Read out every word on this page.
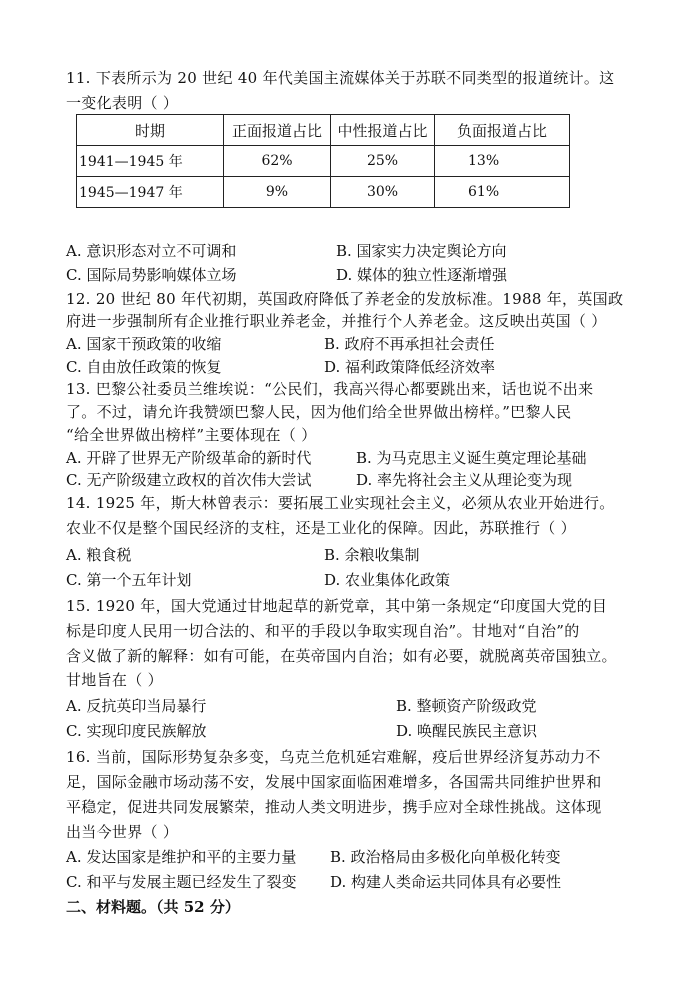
11. 下表所示为 20 世纪 40 年代美国主流媒体关于苏联不同类型的报道统计。这
一变化表明（ ）
时期	正面报道占比	中性报道占比	负面报道占比
1941—1945 年	62%	25%	13%
1945—1947 年	9%	30%	61%
A. 意识形态对立不可调和	B. 国家实力决定舆论方向
C. 国际局势影响媒体立场	D. 媒体的独立性逐渐增强
12. 20 世纪 80 年代初期，英国政府降低了养老金的发放标准。1988 年，英国政
府进一步强制所有企业推行职业养老金，并推行个人养老金。这反映出英国（ ）
A. 国家干预政策的收缩	B. 政府不再承担社会责任
C. 自由放任政策的恢复	D. 福利政策降低经济效率
13. 巴黎公社委员兰维埃说：“公民们，我高兴得心都要跳出来，话也说不出来
了。不过，请允许我赞颂巴黎人民，因为他们给全世界做出榜样。”巴黎人民
“给全世界做出榜样”主要体现在（ ）
A. 开辟了世界无产阶级革命的新时代	B. 为马克思主义诞生奠定理论基础
C. 无产阶级建立政权的首次伟大尝试	D. 率先将社会主义从理论变为现
14. 1925 年，斯大林曾表示：要拓展工业实现社会主义，必须从农业开始进行。
农业不仅是整个国民经济的支柱，还是工业化的保障。因此，苏联推行（ ）
A. 粮食税	B. 余粮收集制
C. 第一个五年计划	D. 农业集体化政策
15. 1920 年，国大党通过甘地起草的新党章，其中第一条规定“印度国大党的目
标是印度人民用一切合法的、和平的手段以争取实现自治”。甘地对“自治”的
含义做了新的解释：如有可能，在英帝国内自治；如有必要，就脱离英帝国独立。
甘地旨在（ ）
A. 反抗英印当局暴行	B. 整顿资产阶级政党
C. 实现印度民族解放	D. 唤醒民族民主意识
16. 当前，国际形势复杂多变，乌克兰危机延宕难解，疫后世界经济复苏动力不
足，国际金融市场动荡不安，发展中国家面临困难增多，各国需共同维护世界和
平稳定，促进共同发展繁荣，推动人类文明进步，携手应对全球性挑战。这体现
出当今世界（ ）
A. 发达国家是维护和平的主要力量 B. 政治格局由多极化向单极化转变
C. 和平与发展主题已经发生了裂变 D. 构建人类命运共同体具有必要性
二、材料题。（共 52 分）
